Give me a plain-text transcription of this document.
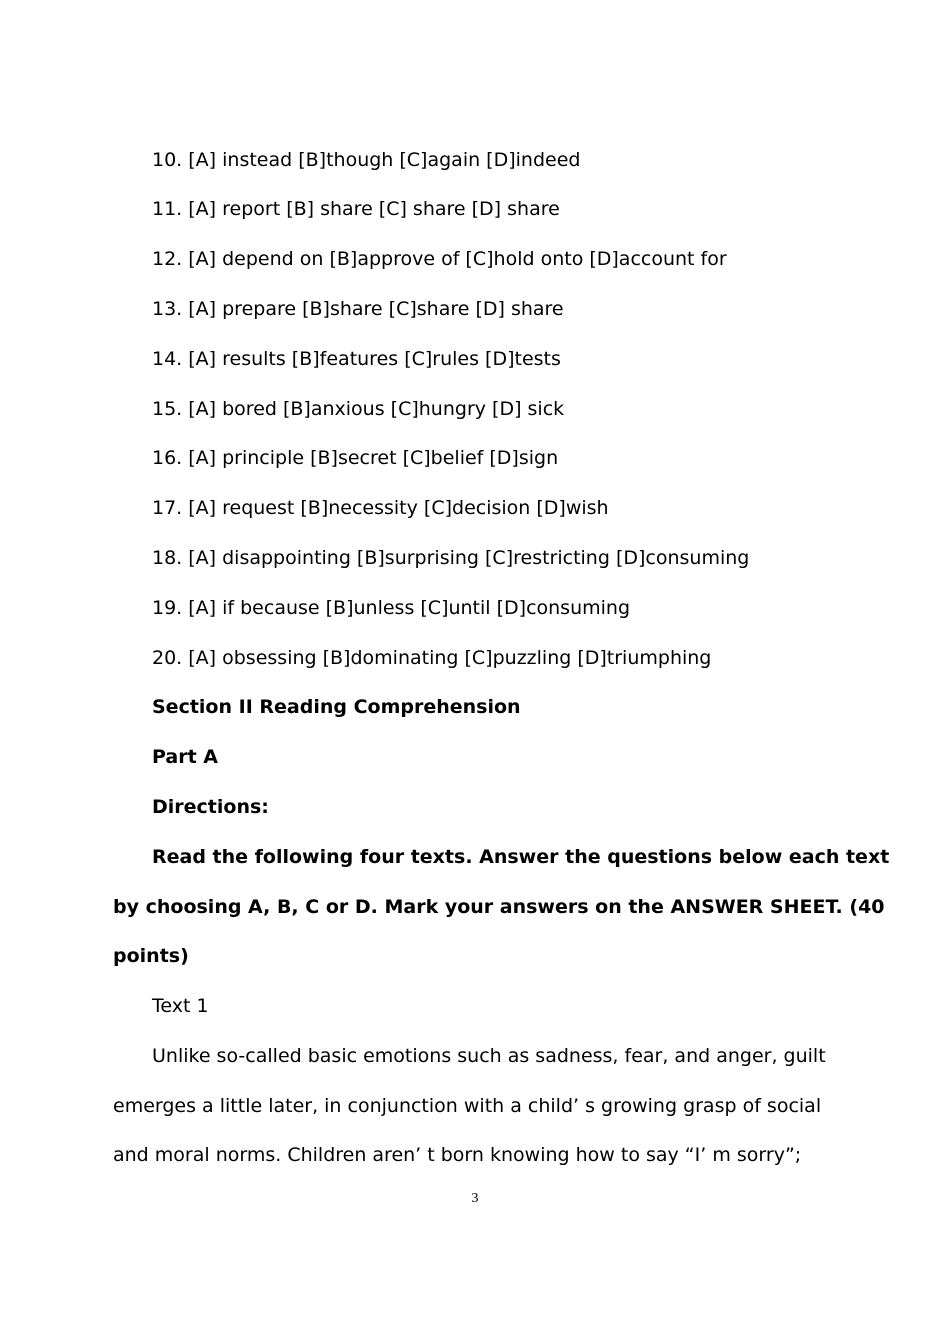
10. [A] instead [B]though [C]again [D]indeed
11. [A] report [B] share [C] share [D] share
12. [A] depend on [B]approve of [C]hold onto [D]account for
13. [A] prepare [B]share [C]share [D] share
14. [A] results [B]features [C]rules [D]tests
15. [A] bored [B]anxious [C]hungry [D] sick
16. [A] principle [B]secret [C]belief [D]sign
17. [A] request [B]necessity [C]decision [D]wish
18. [A] disappointing [B]surprising [C]restricting [D]consuming
19. [A] if because [B]unless [C]until [D]consuming
20. [A] obsessing [B]dominating [C]puzzling [D]triumphing
Section II Reading Comprehension
Part A
Directions:
Read the following four texts. Answer the questions below each text
by choosing A, B, C or D. Mark your answers on the ANSWER SHEET. (40
points)
Text 1
Unlike so-called basic emotions such as sadness, fear, and anger, guilt
emerges a little later, in conjunction with a child’ s growing grasp of social
and moral norms. Children aren’ t born knowing how to say “I’ m sorry”;
3
